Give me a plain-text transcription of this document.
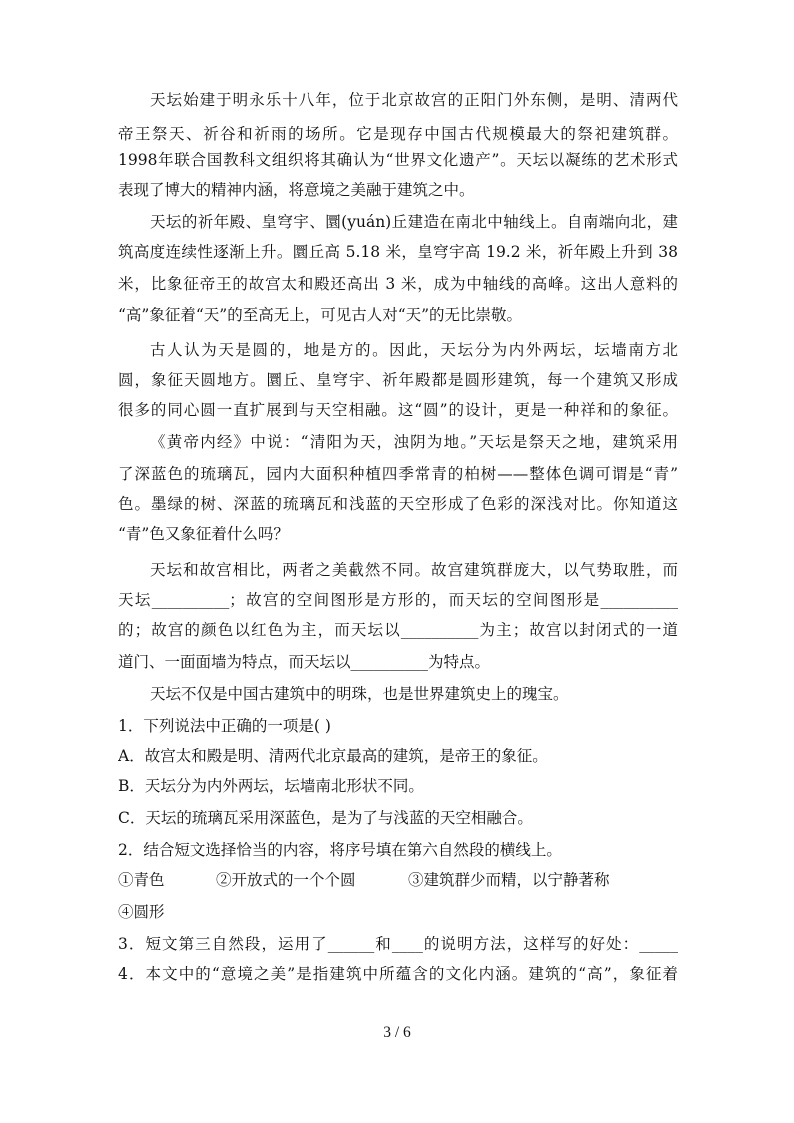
天坛始建于明永乐十八年，位于北京故宫的正阳门外东侧，是明、清两代
帝王祭天、祈谷和祈雨的场所。它是现存中国古代规模最大的祭祀建筑群。
1998年联合国教科文组织将其确认为“世界文化遗产”。天坛以凝练的艺术形式
表现了博大的精神内涵，将意境之美融于建筑之中。
天坛的祈年殿、皇穹宇、圜(yuán)丘建造在南北中轴线上。自南端向北，建
筑高度连续性逐渐上升。圜丘高 5.18 米，皇穹宇高 19.2 米，祈年殿上升到 38
米，比象征帝王的故宫太和殿还高出 3 米，成为中轴线的高峰。这出人意料的
“高”象征着“天”的至高无上，可见古人对“天”的无比崇敬。
古人认为天是圆的，地是方的。因此，天坛分为内外两坛，坛墙南方北
圆，象征天圆地方。圜丘、皇穹宇、祈年殿都是圆形建筑，每一个建筑又形成
很多的同心圆一直扩展到与天空相融。这“圆”的设计，更是一种祥和的象征。
《黄帝内经》中说：“清阳为天，浊阴为地。”天坛是祭天之地，建筑采用
了深蓝色的琉璃瓦，园内大面积种植四季常青的柏树——整体色调可谓是“青”
色。墨绿的树、深蓝的琉璃瓦和浅蓝的天空形成了色彩的深浅对比。你知道这
“青”色又象征着什么吗？
天坛和故宫相比，两者之美截然不同。故宫建筑群庞大，以气势取胜，而
天坛__________；故宫的空间图形是方形的，而天坛的空间图形是__________
的；故宫的颜色以红色为主，而天坛以__________为主；故宫以封闭式的一道
道门、一面面墙为特点，而天坛以__________为特点。
天坛不仅是中国古建筑中的明珠，也是世界建筑史上的瑰宝。
1．下列说法中正确的一项是( )
A．故宫太和殿是明、清两代北京最高的建筑，是帝王的象征。
B．天坛分为内外两坛，坛墙南北形状不同。
C．天坛的琉璃瓦采用深蓝色，是为了与浅蓝的天空相融合。
2．结合短文选择恰当的内容，将序号填在第六自然段的横线上。
①青色	②开放式的一个个圆	③建筑群少而精，以宁静著称
④圆形
3．短文第三自然段，运用了______和____的说明方法，这样写的好处：_____
4．本文中的“意境之美”是指建筑中所蕴含的文化内涵。建筑的“高”，象征着
3 / 6
